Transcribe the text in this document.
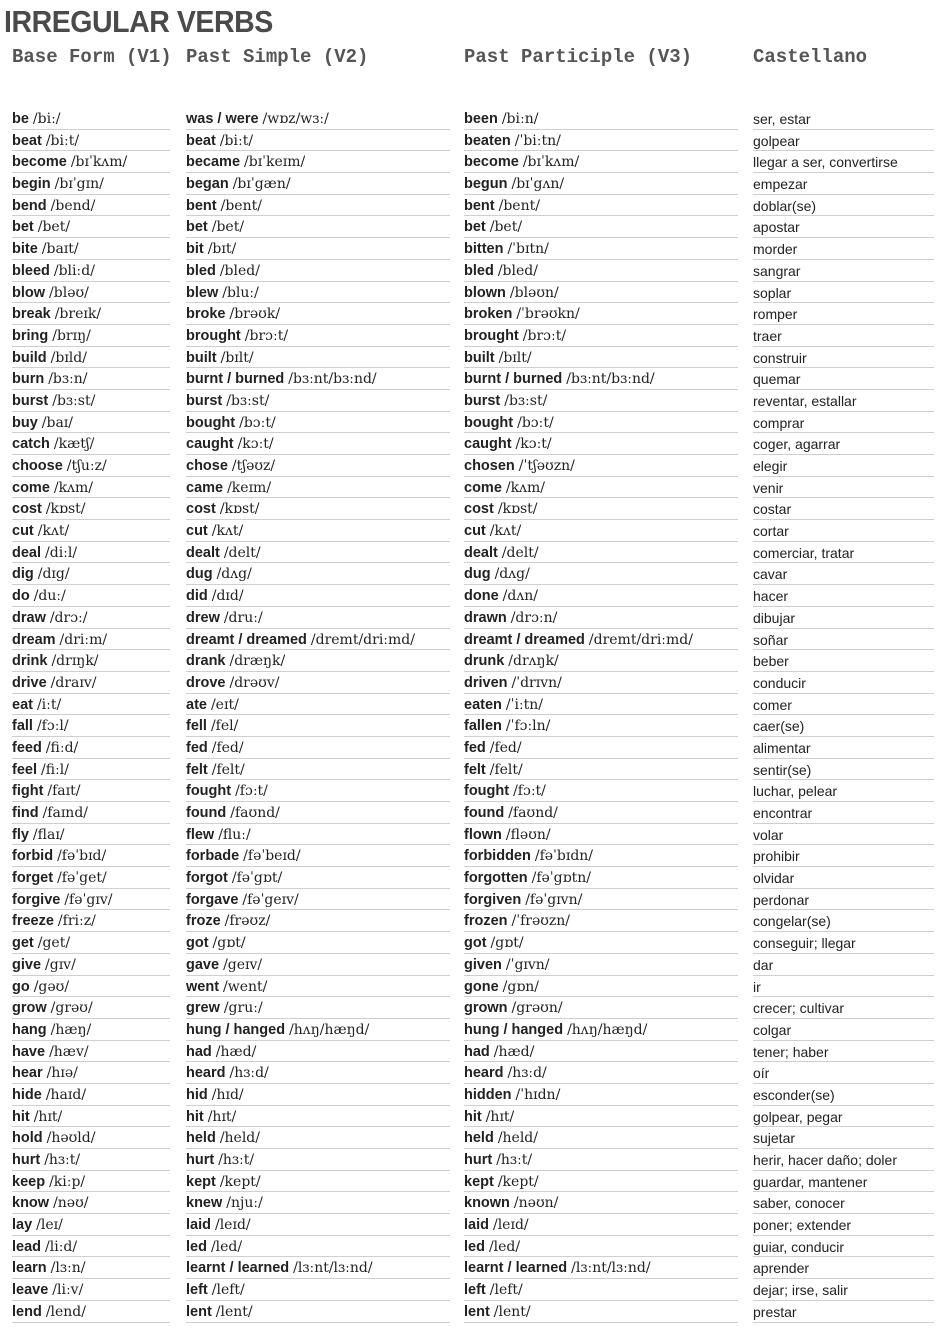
IRREGULAR VERBS
Base Form (V1) Past Simple (V2)	Past Participle (V3)	Castellano
be /biː/	was / were /wɒz/wɜː/	been /biːn/	ser, estar
beat /biːt/	beat /biːt/	beaten /ˈbiːtn/	golpear
become /bɪˈkʌm/	became /bɪˈkeɪm/	become /bɪˈkʌm/	llegar a ser, convertirse
begin /bɪˈgɪn/	began /bɪˈgæn/	begun /bɪˈgʌn/	empezar
bend /bend/	bent /bent/	bent /bent/	doblar(se)
bet /bet/	bet /bet/	bet /bet/	apostar
bite /baɪt/	bit /bɪt/	bitten /ˈbɪtn/	morder
bleed /bliːd/	bled /bled/	bled /bled/	sangrar
blow /bləʊ/	blew /bluː/	blown /bləʊn/	soplar
break /breɪk/	broke /brəʊk/	broken /ˈbrəʊkn/	romper
bring /brɪŋ/	brought /brɔːt/	brought /brɔːt/	traer
build /bɪld/	built /bɪlt/	built /bɪlt/	construir
burn /bɜːn/	burnt / burned /bɜːnt/bɜːnd/	burnt / burned /bɜːnt/bɜːnd/	quemar
burst /bɜːst/	burst /bɜːst/	burst /bɜːst/	reventar, estallar
buy /baɪ/	bought /bɔːt/	bought /bɔːt/	comprar
catch /kætʃ/	caught /kɔːt/	caught /kɔːt/	coger, agarrar
choose /tʃuːz/	chose /tʃəʊz/	chosen /ˈtʃəʊzn/	elegir
come /kʌm/	came /keɪm/	come /kʌm/	venir
cost /kɒst/	cost /kɒst/	cost /kɒst/	costar
cut /kʌt/	cut /kʌt/	cut /kʌt/	cortar
deal /diːl/	dealt /delt/	dealt /delt/	comerciar, tratar
dig /dɪg/	dug /dʌg/	dug /dʌg/	cavar
do /duː/	did /dɪd/	done /dʌn/	hacer
draw /drɔː/	drew /druː/	drawn /drɔːn/	dibujar
dream /driːm/	dreamt / dreamed /dremt/driːmd/	dreamt / dreamed /dremt/driːmd/	soñar
drink /drɪŋk/	drank /dræŋk/	drunk /drʌŋk/	beber
drive /draɪv/	drove /drəʊv/	driven /ˈdrɪvn/	conducir
eat /iːt/	ate /eɪt/	eaten /ˈiːtn/	comer
fall /fɔːl/	fell /fel/	fallen /ˈfɔːln/	caer(se)
feed /fiːd/	fed /fed/	fed /fed/	alimentar
feel /fiːl/	felt /felt/	felt /felt/	sentir(se)
fight /faɪt/	fought /fɔːt/	fought /fɔːt/	luchar, pelear
find /faɪnd/	found /faʊnd/	found /faʊnd/	encontrar
fly /flaɪ/	flew /fluː/	flown /fləʊn/	volar
forbid /fəˈbɪd/	forbade /fəˈbeɪd/	forbidden /fəˈbɪdn/	prohibir
forget /fəˈget/	forgot /fəˈgɒt/	forgotten /fəˈgɒtn/	olvidar
forgive /fəˈgɪv/	forgave /fəˈgeɪv/	forgiven /fəˈgɪvn/	perdonar
freeze /friːz/	froze /frəʊz/	frozen /ˈfrəʊzn/	congelar(se)
get /get/	got /gɒt/	got /gɒt/	conseguir; llegar
give /gɪv/	gave /geɪv/	given /ˈgɪvn/	dar
go /gəʊ/	went /went/	gone /gɒn/	ir
grow /grəʊ/	grew /gruː/	grown /grəʊn/	crecer; cultivar
hang /hæŋ/	hung / hanged /hʌŋ/hæŋd/	hung / hanged /hʌŋ/hæŋd/	colgar
have /hæv/	had /hæd/	had /hæd/	tener; haber
hear /hɪə/	heard /hɜːd/	heard /hɜːd/	oír
hide /haɪd/	hid /hɪd/	hidden /ˈhɪdn/	esconder(se)
hit /hɪt/	hit /hɪt/	hit /hɪt/	golpear, pegar
hold /həʊld/	held /held/	held /held/	sujetar
hurt /hɜːt/	hurt /hɜːt/	hurt /hɜːt/	herir, hacer daño; doler
keep /kiːp/	kept /kept/	kept /kept/	guardar, mantener
know /nəʊ/	knew /njuː/	known /nəʊn/	saber, conocer
lay /leɪ/	laid /leɪd/	laid /leɪd/	poner; extender
lead /liːd/	led /led/	led /led/	guiar, conducir
learn /lɜːn/	learnt / learned /lɜːnt/lɜːnd/	learnt / learned /lɜːnt/lɜːnd/	aprender
leave /liːv/	left /left/	left /left/	dejar; irse, salir
lend /lend/	lent /lent/	lent /lent/	prestar
